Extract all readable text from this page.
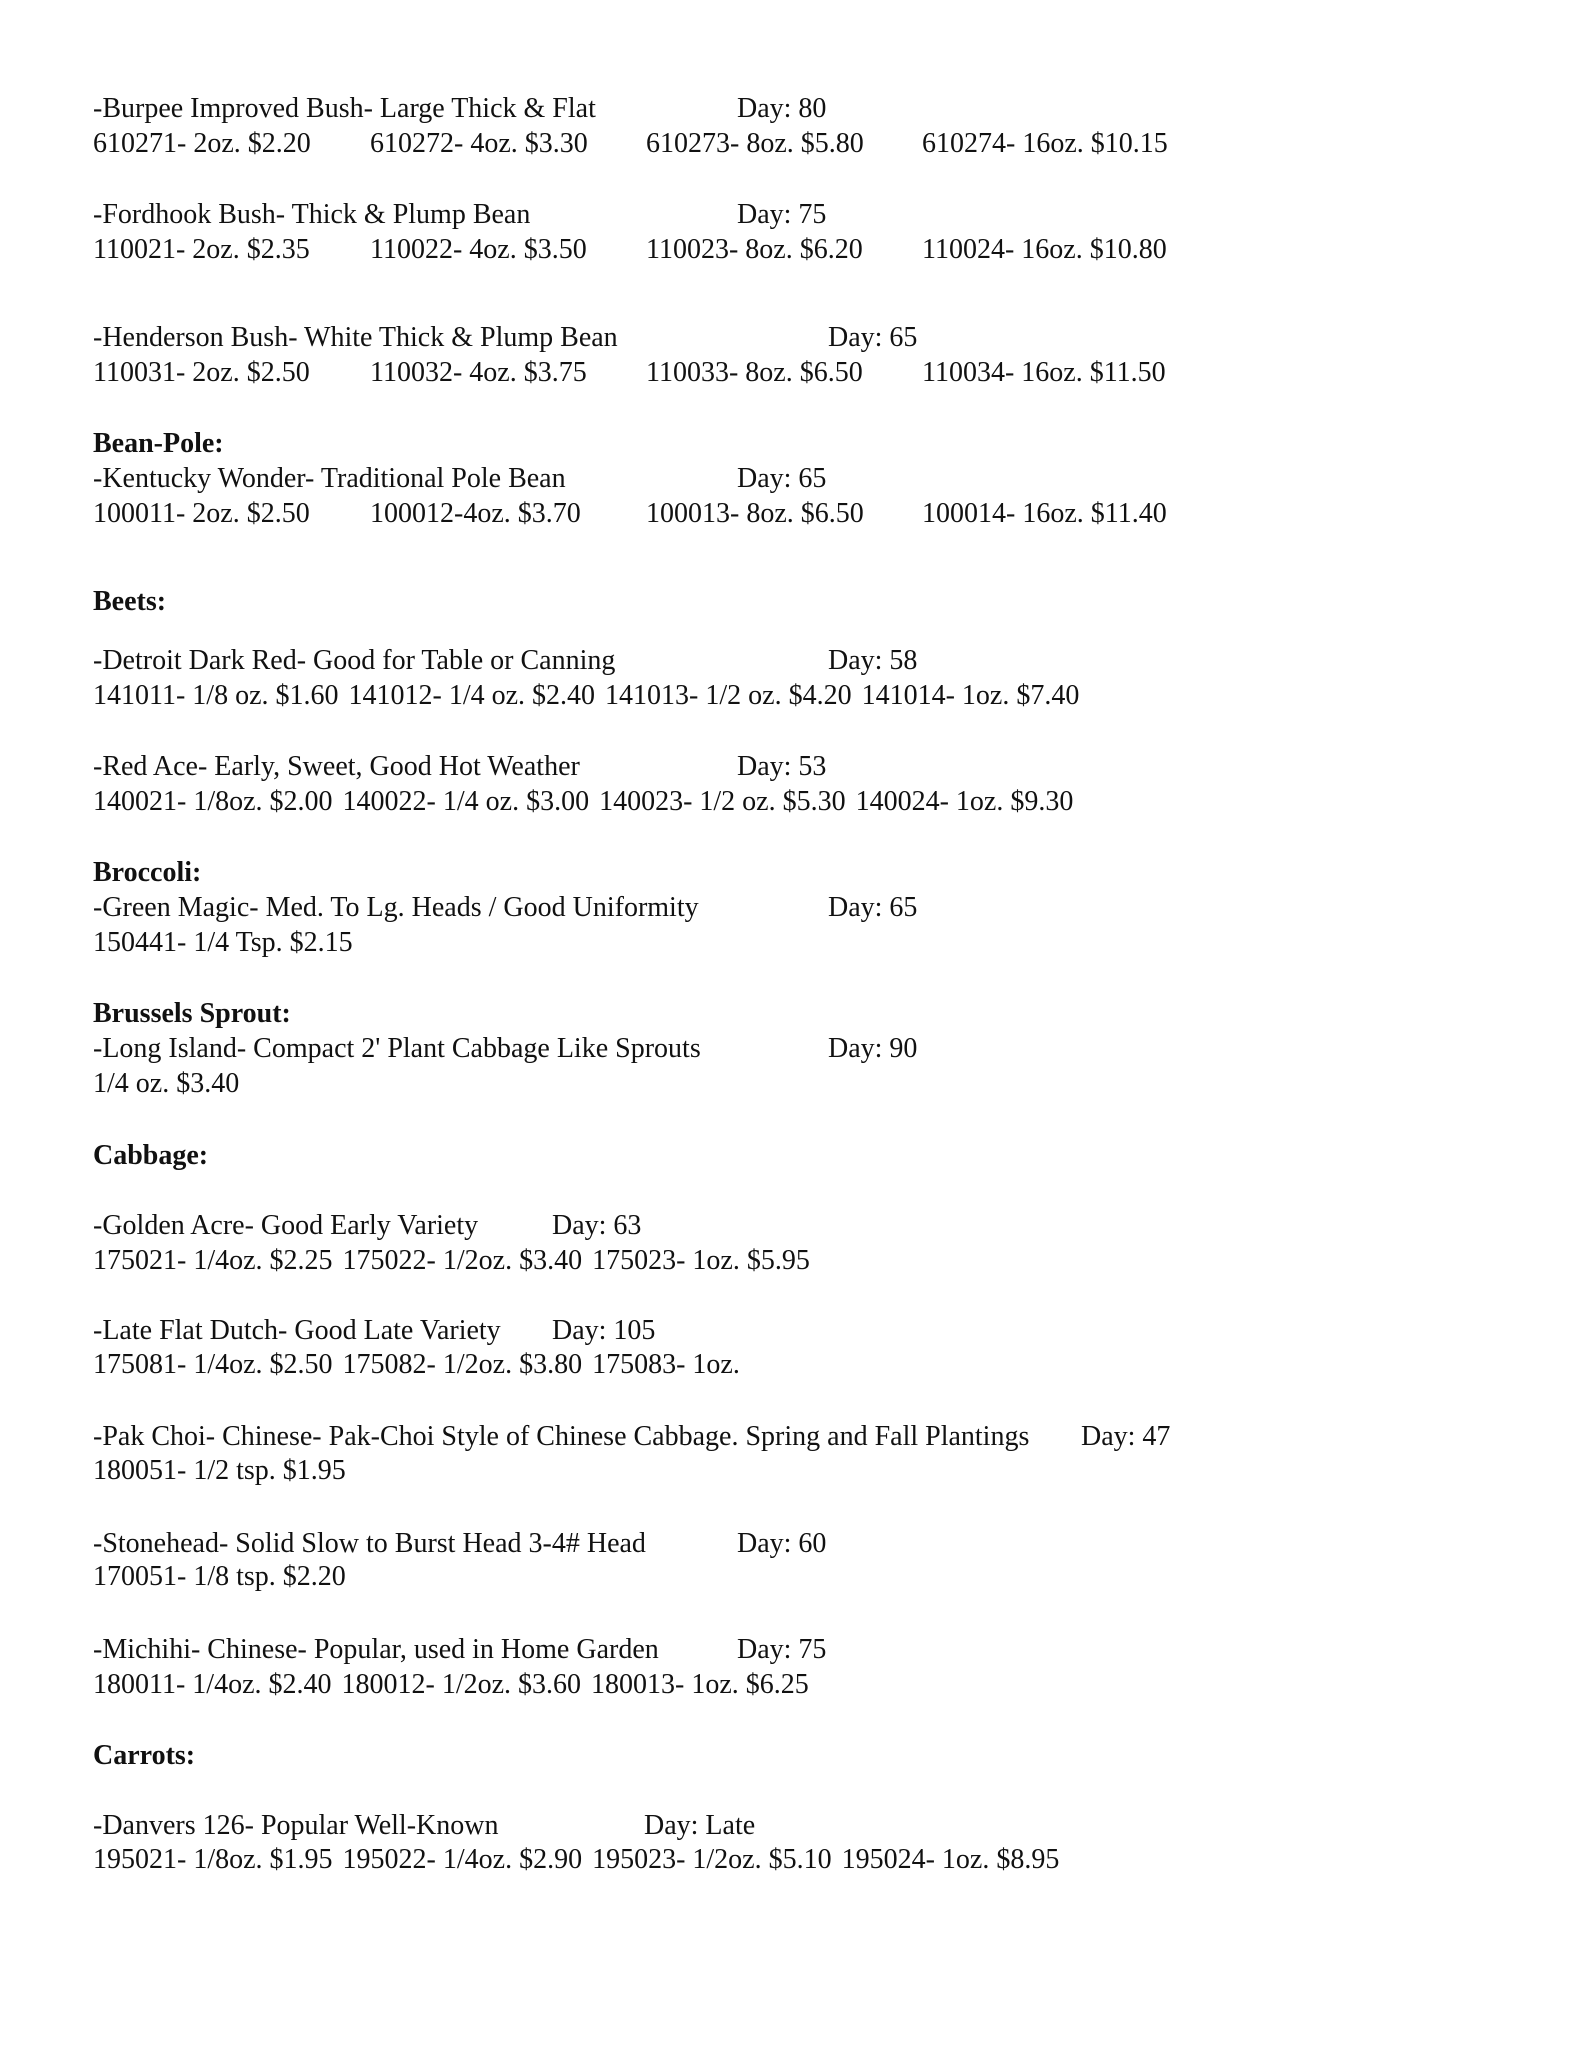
-Burpee Improved Bush- Large Thick & Flat	Day: 80
610271- 2oz. $2.20 610272- 4oz. $3.30 610273- 8oz. $5.80 610274- 16oz. $10.15
-Fordhook Bush- Thick & Plump Bean	Day: 75
110021- 2oz. $2.35 110022- 4oz. $3.50 110023- 8oz. $6.20 110024- 16oz. $10.80
-Henderson Bush- White Thick & Plump Bean	Day: 65
110031- 2oz. $2.50 110032- 4oz. $3.75 110033- 8oz. $6.50 110034- 16oz. $11.50
Bean-Pole:
-Kentucky Wonder- Traditional Pole Bean	Day: 65
100011- 2oz. $2.50 100012-4oz. $3.70 100013- 8oz. $6.50 100014- 16oz. $11.40
Beets:
-Detroit Dark Red- Good for Table or Canning	Day: 58
141011- 1/8 oz. $1.60 141012- 1/4 oz. $2.40 141013- 1/2 oz. $4.20 141014- 1oz. $7.40
-Red Ace- Early, Sweet, Good Hot Weather	Day: 53
140021- 1/8oz. $2.00 140022- 1/4 oz. $3.00 140023- 1/2 oz. $5.30 140024- 1oz. $9.30
Broccoli:
-Green Magic- Med. To Lg. Heads / Good Uniformity	Day: 65
150441- 1/4 Tsp. $2.15
Brussels Sprout:
-Long Island- Compact 2' Plant Cabbage Like Sprouts	Day: 90
1/4 oz. $3.40
Cabbage:
-Golden Acre- Good Early Variety	Day: 63
175021- 1/4oz. $2.25 175022- 1/2oz. $3.40 175023- 1oz. $5.95
-Late Flat Dutch- Good Late Variety Day: 105
175081- 1/4oz. $2.50 175082- 1/2oz. $3.80 175083- 1oz.
-Pak Choi- Chinese- Pak-Choi Style of Chinese Cabbage. Spring and Fall Plantings Day: 47
180051- 1/2 tsp. $1.95
-Stonehead- Solid Slow to Burst Head 3-4# Head	Day: 60
170051- 1/8 tsp. $2.20
-Michihi- Chinese- Popular, used in Home Garden	Day: 75
180011- 1/4oz. $2.40 180012- 1/2oz. $3.60 180013- 1oz. $6.25
Carrots:
-Danvers 126- Popular Well-Known	Day: Late
195021- 1/8oz. $1.95 195022- 1/4oz. $2.90 195023- 1/2oz. $5.10 195024- 1oz. $8.95
